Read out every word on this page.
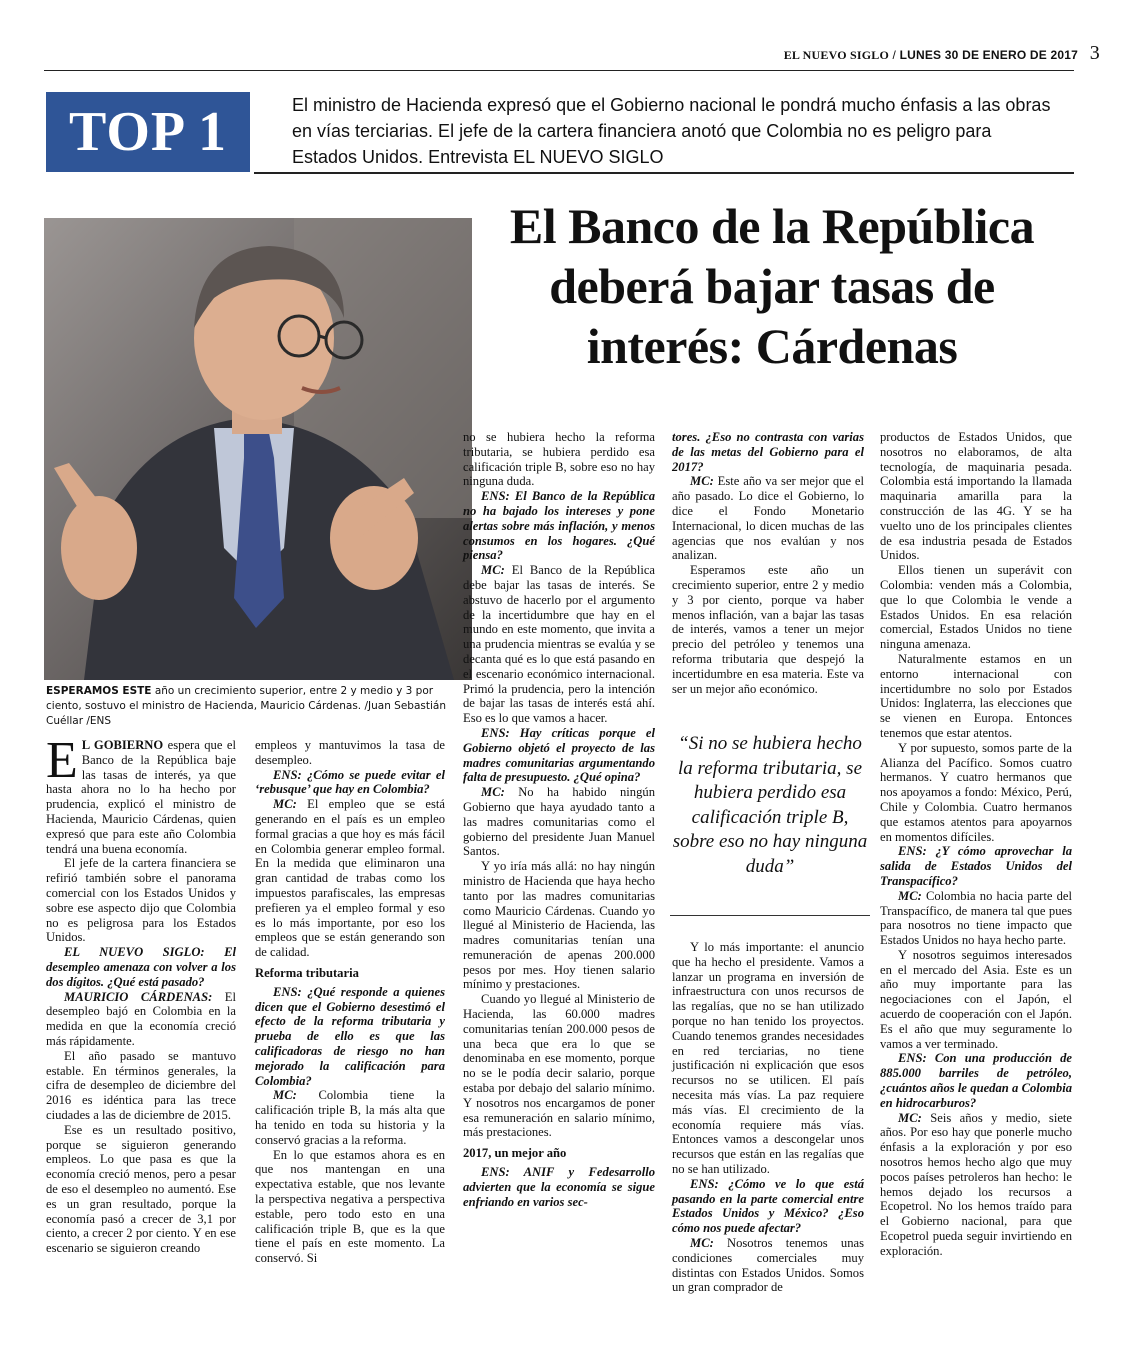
EL NUEVO SIGLO / LUNES 30 DE ENERO DE 2017 3
TOP 1	El ministro de Hacienda expresó que el Gobierno nacional le pondrá mucho énfasis a las obras en vías terciarias. El jefe de la cartera financiera anotó que Colombia no es peligro para Estados Unidos. Entrevista EL NUEVO SIGLO
El Banco de la República
deberá bajar tasas de
interés: Cárdenas
ESPERAMOS ESTE año un crecimiento superior, entre 2 y medio y 3 por ciento, sostuvo el ministro de Hacienda, Mauricio Cárdenas. /Juan Sebastián Cuéllar /ENS

E L GOBIERNO espera que el Banco de la República baje las tasas de interés, ya que hasta ahora no lo ha hecho por prudencia, explicó el ministro de Hacienda, Mauricio Cárdenas, quien expresó que para este año Colombia tendrá una buena economía.

El jefe de la cartera financiera se refirió también sobre el panorama comercial con los Estados Unidos y sobre ese aspecto dijo que Colombia no es peligrosa para los Estados Unidos.

EL NUEVO SIGLO: El desempleo amenaza con volver a los dos dígitos. ¿Qué está pasado?

MAURICIO CÁRDENAS: El desempleo bajó en Colombia en la medida en que la economía creció más rápidamente.

El año pasado se mantuvo estable. En términos generales, la cifra de desempleo de diciembre del 2016 es idéntica para las trece ciudades a las de diciembre de 2015.

Ese es un resultado positivo, porque se siguieron generando empleos. Lo que pasa es que la economía creció menos, pero a pesar de eso el desempleo no aumentó. Ese es un gran resultado, porque la economía pasó a crecer de 3,1 por ciento, a crecer 2 por ciento. Y en ese escenario se siguieron creando

empleos y mantuvimos la tasa de desempleo.

ENS: ¿Cómo se puede evitar el ‘rebusque’ que hay en Colombia?

MC: El empleo que se está generando en el país es un empleo formal gracias a que hoy es más fácil en Colombia generar empleo formal. En la medida que eliminaron una gran cantidad de trabas como los impuestos parafiscales, las empresas prefieren ya el empleo formal y eso es lo más importante, por eso los empleos que se están generando son de calidad.

Reforma tributaria

ENS: ¿Qué responde a quienes dicen que el Gobierno desestimó el efecto de la reforma tributaria y prueba de ello es que las calificadoras de riesgo no han mejorado la calificación para Colombia?

MC: Colombia tiene la calificación triple B, la más alta que ha tenido en toda su historia y la conservó gracias a la reforma.

En lo que estamos ahora es en que nos mantengan en una expectativa estable, que nos levante la perspectiva negativa a perspectiva estable, pero todo esto en una calificación triple B, que es la que tiene el país en este momento. La conservó. Si

no se hubiera hecho la reforma tributaria, se hubiera perdido esa calificación triple B, sobre eso no hay ninguna duda.

ENS: El Banco de la República no ha bajado los intereses y pone alertas sobre más inflación, y menos consumos en los hogares. ¿Qué piensa?

MC: El Banco de la República debe bajar las tasas de interés. Se abstuvo de hacerlo por el argumento de la incertidumbre que hay en el mundo en este momento, que invita a una prudencia mientras se evalúa y se decanta qué es lo que está pasando en el escenario económico internacional. Primó la prudencia, pero la intención de bajar las tasas de interés está ahí. Eso es lo que vamos a hacer.

ENS: Hay críticas porque el Gobierno objetó el proyecto de las madres comunitarias argumentando falta de presupuesto. ¿Qué opina?

MC: No ha habido ningún Gobierno que haya ayudado tanto a las madres comunitarias como el gobierno del presidente Juan Manuel Santos.

Y yo iría más allá: no hay ningún ministro de Hacienda que haya hecho tanto por las madres comunitarias como Mauricio Cárdenas. Cuando yo llegué al Ministerio de Hacienda, las madres comunitarias tenían una remuneración de apenas 200.000 pesos por mes. Hoy tienen salario mínimo y prestaciones.

Cuando yo llegué al Ministerio de Hacienda, las 60.000 madres comunitarias tenían 200.000 pesos de una beca que era lo que se denominaba en ese momento, porque no se le podía decir salario, porque estaba por debajo del salario mínimo. Y nosotros nos encargamos de poner esa remuneración en salario mínimo, más prestaciones.

2017, un mejor año

ENS: ANIF y Fedesarrollo advierten que la economía se sigue enfriando en varios sec-

tores. ¿Eso no contrasta con varias de las metas del Gobierno para el 2017?

MC: Este año va ser mejor que el año pasado. Lo dice el Gobierno, lo dice el Fondo Monetario Internacional, lo dicen muchas de las agencias que nos evalúan y nos analizan.

Esperamos este año un crecimiento superior, entre 2 y medio y 3 por ciento, porque va haber menos inflación, van a bajar las tasas de interés, vamos a tener un mejor precio del petróleo y tenemos una reforma tributaria que despejó la incertidumbre en esa materia. Este va ser un mejor año económico.

“Si no se hubiera hecho la reforma tributaria, se hubiera perdido esa calificación triple B, sobre eso no hay ninguna duda”

Y lo más importante: el anuncio que ha hecho el presidente. Vamos a lanzar un programa en inversión de infraestructura con unos recursos de las regalías, que no se han utilizado porque no han tenido los proyectos. Cuando tenemos grandes necesidades en red terciarias, no tiene justificación ni explicación que esos recursos no se utilicen. El país necesita más vías. La paz requiere más vías. El crecimiento de la economía requiere más vías. Entonces vamos a descongelar unos recursos que están en las regalías que no se han utilizado.

ENS: ¿Cómo ve lo que está pasando en la parte comercial entre Estados Unidos y México? ¿Eso cómo nos puede afectar?

MC: Nosotros tenemos unas condiciones comerciales muy distintas con Estados Unidos. Somos un gran comprador de

productos de Estados Unidos, que nosotros no elaboramos, de alta tecnología, de maquinaria pesada. Colombia está importando la llamada maquinaria amarilla para la construcción de las 4G. Y se ha vuelto uno de los principales clientes de esa industria pesada de Estados Unidos.

Ellos tienen un superávit con Colombia: venden más a Colombia, que lo que Colombia le vende a Estados Unidos. En esa relación comercial, Estados Unidos no tiene ninguna amenaza.

Naturalmente estamos en un entorno internacional con incertidumbre no solo por Estados Unidos: Inglaterra, las elecciones que se vienen en Europa. Entonces tenemos que estar atentos.

Y por supuesto, somos parte de la Alianza del Pacífico. Somos cuatro hermanos. Y cuatro hermanos que nos apoyamos a fondo: México, Perú, Chile y Colombia. Cuatro hermanos que estamos atentos para apoyarnos en momentos difíciles.

ENS: ¿Y cómo aprovechar la salida de Estados Unidos del Transpacífico?

MC: Colombia no hacia parte del Transpacífico, de manera tal que pues para nosotros no tiene impacto que Estados Unidos no haya hecho parte.

Y nosotros seguimos interesados en el mercado del Asia. Este es un año muy importante para las negociaciones con el Japón, el acuerdo de cooperación con el Japón. Es el año que muy seguramente lo vamos a ver terminado.

ENS: Con una producción de 885.000 barriles de petróleo, ¿cuántos años le quedan a Colombia en hidrocarburos?

MC: Seis años y medio, siete años. Por eso hay que ponerle mucho énfasis a la exploración y por eso nosotros hemos hecho algo que muy pocos países petroleros han hecho: le hemos dejado los recursos a Ecopetrol. No los hemos traído para el Gobierno nacional, para que Ecopetrol pueda seguir invirtiendo en exploración.
